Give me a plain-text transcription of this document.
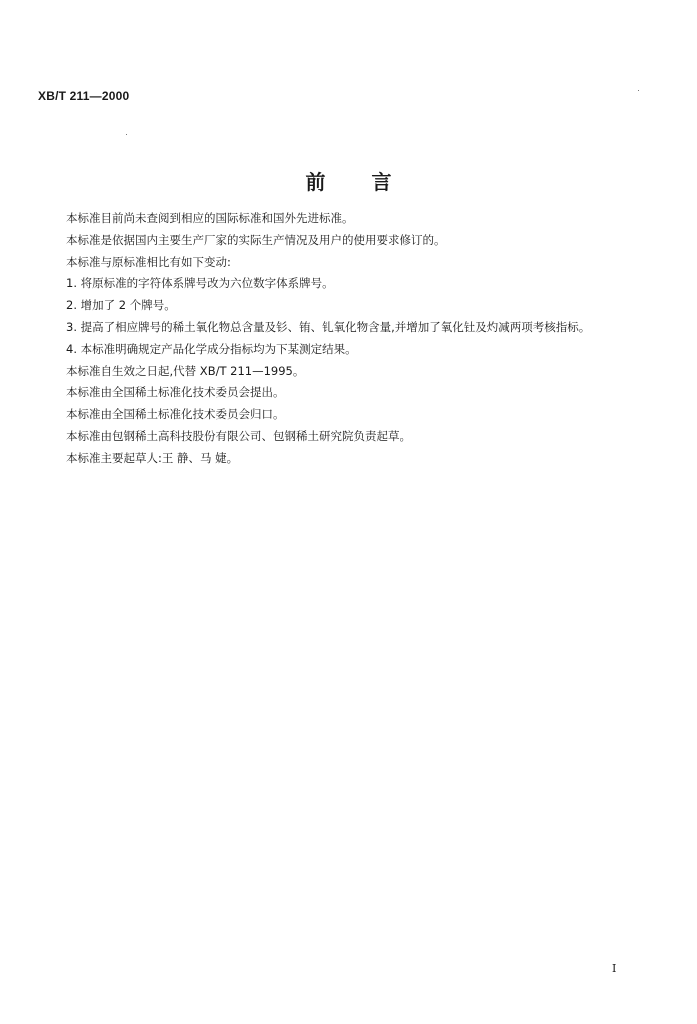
XB/T 211—2000
前言

本标准目前尚未查阅到相应的国际标准和国外先进标准。

本标准是依据国内主要生产厂家的实际生产情况及用户的使用要求修订的。

本标准与原标准相比有如下变动:

1. 将原标准的字符体系牌号改为六位数字体系牌号。

2. 增加了 2 个牌号。

3. 提高了相应牌号的稀土氧化物总含量及钐、铕、钆氧化物含量,并增加了氧化钍及灼减两项考核指标。

4. 本标准明确规定产品化学成分指标均为下某测定结果。

本标准自生效之日起,代替 XB/T 211—1995。

本标准由全国稀土标准化技术委员会提出。

本标准由全国稀土标准化技术委员会归口。

本标准由包钢稀土高科技股份有限公司、包钢稀土研究院负责起草。

本标准主要起草人:王 静、马 婕。

I
